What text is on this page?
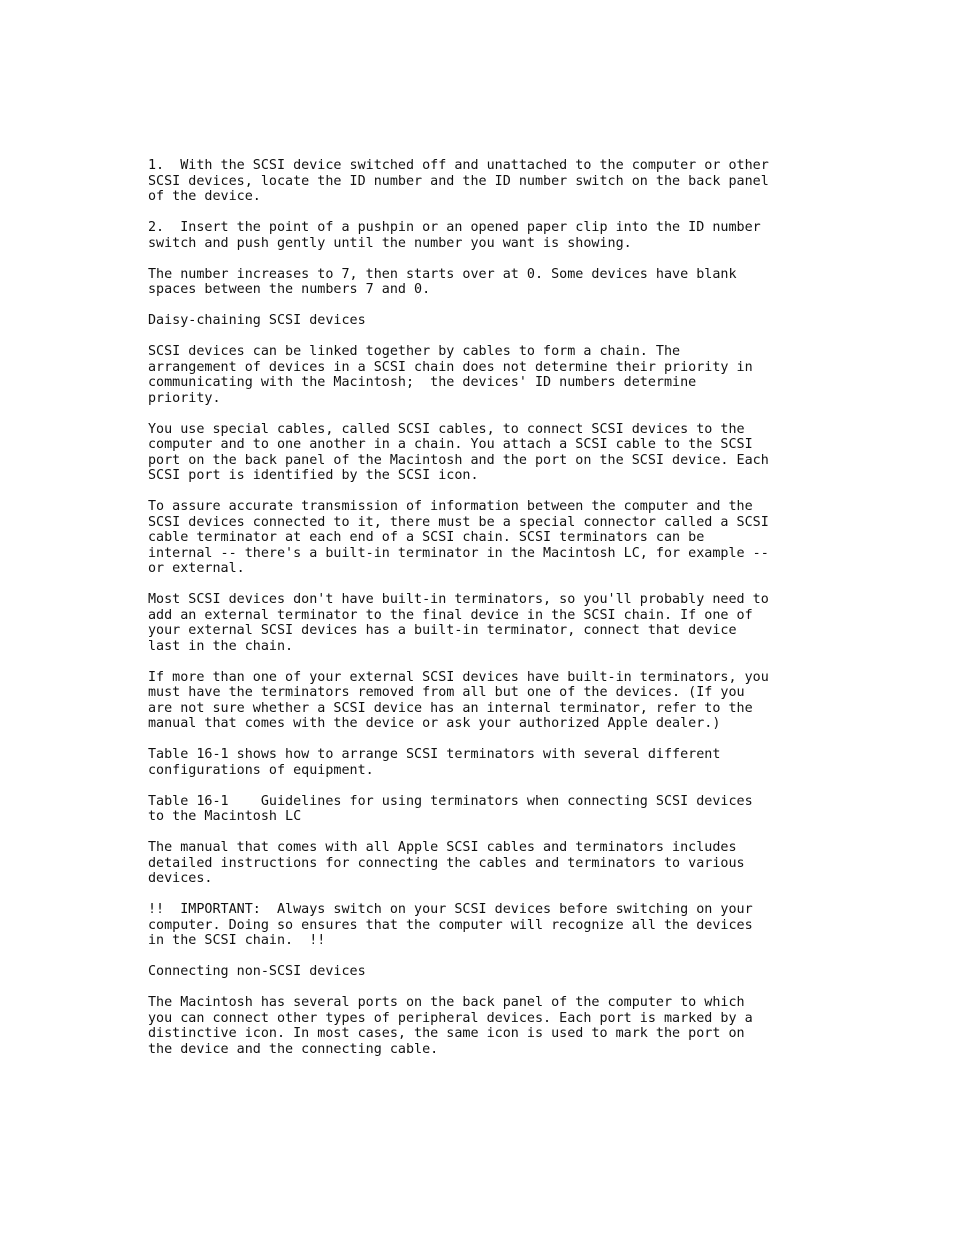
1.  With the SCSI device switched off and unattached to the computer or other
SCSI devices, locate the ID number and the ID number switch on the back panel
of the device.
2.  Insert the point of a pushpin or an opened paper clip into the ID number
switch and push gently until the number you want is showing.
The number increases to 7, then starts over at 0. Some devices have blank
spaces between the numbers 7 and 0.
Daisy-chaining SCSI devices
SCSI devices can be linked together by cables to form a chain. The
arrangement of devices in a SCSI chain does not determine their priority in
communicating with the Macintosh;  the devices' ID numbers determine
priority.
You use special cables, called SCSI cables, to connect SCSI devices to the
computer and to one another in a chain. You attach a SCSI cable to the SCSI
port on the back panel of the Macintosh and the port on the SCSI device. Each
SCSI port is identified by the SCSI icon.
To assure accurate transmission of information between the computer and the
SCSI devices connected to it, there must be a special connector called a SCSI
cable terminator at each end of a SCSI chain. SCSI terminators can be
internal -- there's a built-in terminator in the Macintosh LC, for example --
or external.
Most SCSI devices don't have built-in terminators, so you'll probably need to
add an external terminator to the final device in the SCSI chain. If one of
your external SCSI devices has a built-in terminator, connect that device
last in the chain.
If more than one of your external SCSI devices have built-in terminators, you
must have the terminators removed from all but one of the devices. (If you
are not sure whether a SCSI device has an internal terminator, refer to the
manual that comes with the device or ask your authorized Apple dealer.)
Table 16-1 shows how to arrange SCSI terminators with several different
configurations of equipment.
Table 16-1    Guidelines for using terminators when connecting SCSI devices
to the Macintosh LC
The manual that comes with all Apple SCSI cables and terminators includes
detailed instructions for connecting the cables and terminators to various
devices.
!!  IMPORTANT:  Always switch on your SCSI devices before switching on your
computer. Doing so ensures that the computer will recognize all the devices
in the SCSI chain.  !!
Connecting non-SCSI devices
The Macintosh has several ports on the back panel of the computer to which
you can connect other types of peripheral devices. Each port is marked by a
distinctive icon. In most cases, the same icon is used to mark the port on
the device and the connecting cable.
